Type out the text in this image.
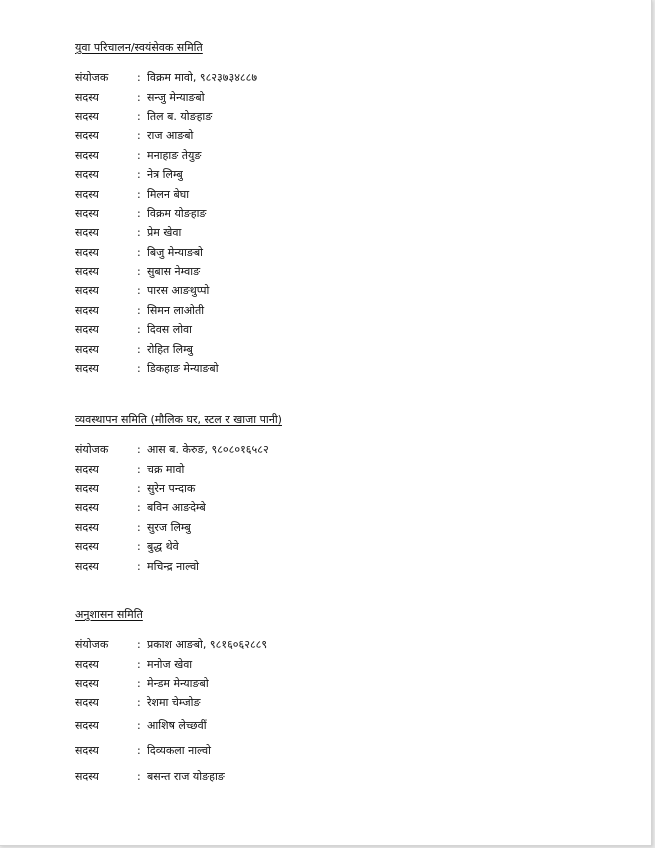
युवा परिचालन/स्वयंसेवक समिति
संयोजक	: विक्रम मावो, ९८२३७३४८८७
सदस्य	: सन्जु मेन्याङबो
सदस्य	: तिल ब. योङहाङ
सदस्य	: राज आङबो
सदस्य	: मनाहाङ तेयुङ
सदस्य	: नेत्र लिम्बु
सदस्य	: मिलन बेघा
सदस्य	: विक्रम योङहाङ
सदस्य	: प्रेम खेवा
सदस्य	: बिजु मेन्याङबो
सदस्य	: सुबास नेम्वाङ
सदस्य	: पारस आङथुप्पो
सदस्य	: सिमन लाओती
सदस्य	: दिवस लोवा
सदस्य	: रोहित लिम्बु
सदस्य	: डिकहाङ मेन्याङबो
व्यवस्थापन समिति (मौलिक घर, स्टल र खाजा पानी)
संयोजक	: आस ब. केरुङ, ९८०८०१६५८२
सदस्य	: चक्र मावो
सदस्य	: सुरेन पन्दाक
सदस्य	: बविन आङदेम्बे
सदस्य	: सुरज लिम्बु
सदस्य	: बुद्ध थेवे
सदस्य	: मचिन्द्र नाल्वो
अनुशासन समिति
संयोजक	: प्रकाश आङबो, ९८१६०६२८८९
सदस्य	: मनोज खेवा
सदस्य	: मेन्डम मेन्याङबो
सदस्य	: रेशमा चेम्जोङ
सदस्य	: आशिष लेच्छवीं
सदस्य	: दिव्यकला नाल्वो
सदस्य	: बसन्त राज योङहाङ
